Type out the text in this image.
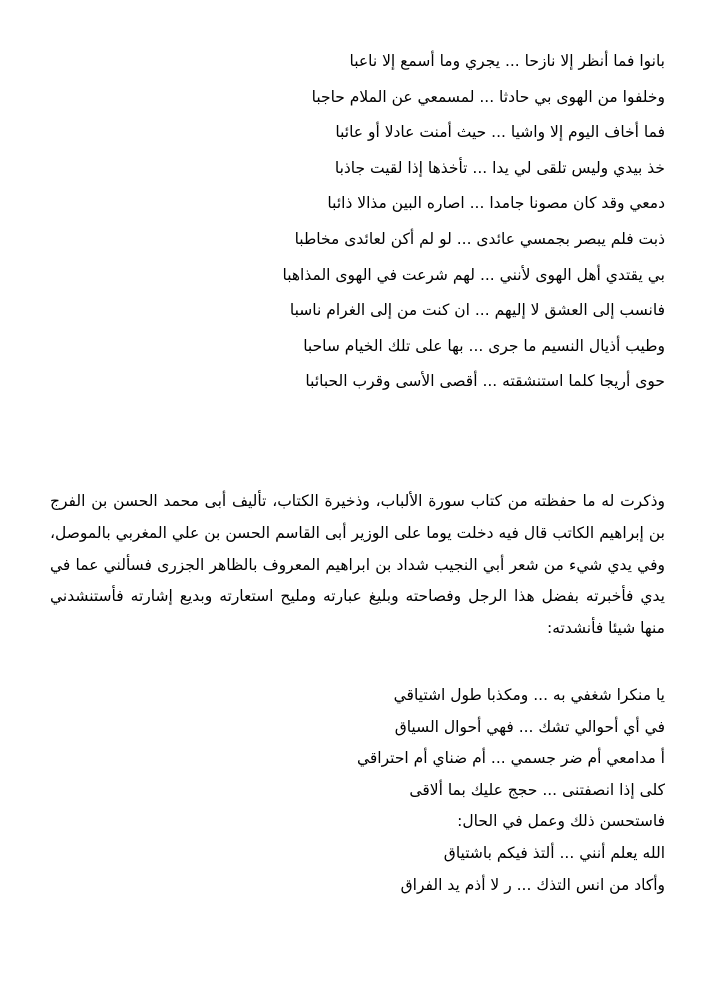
بانوا فما أنظر إلا نازحا ... يجري وما أسمع إلا ناعبا
وخلفوا من الهوى بي حادثا ... لمسمعي عن الملام حاجبا
فما أخاف اليوم إلا واشيا ... حيث أمنت عادلا أو عائبا
خذ بيدي وليس تلقى لي يدا ... تأخذها إذا لقيت جاذبا
دمعي وقد كان مصونا جامدا ... اصاره البين مذالا ذائبا
ذبت فلم يبصر بجمسي عائدى ... لو لم أكن لعائدى مخاطبا
بي يقتدي أهل الهوى لأنني ... لهم شرعت في الهوى المذاهبا
فانسب إلى العشق لا إليهم ... ان كنت من إلى الغرام ناسبا
وطيب أذيال النسيم ما جرى ... بها على تلك الخيام ساحبا
حوى أريجا كلما استنشقته ... أقصى الأسى وقرب الحبائبا
وذكرت له ما حفظته من كتاب سورة الألباب، وذخيرة الكتاب، تأليف أبى محمد الحسن بن الفرج بن إبراهيم الكاتب قال فيه دخلت يوما على الوزير أبى القاسم الحسن بن علي المغربي بالموصل، وفي يدي شيء من شعر أبي النجيب شداد بن ابراهيم المعروف بالظاهر الجزرى فسألني عما في يدي فأخبرته بفضل هذا الرجل وفصاحته وبليغ عبارته ومليح استعارته وبديع إشارته فأستنشدني منها شيئا فأنشدته:
يا منكرا شغفي به ... ومكذبا طول اشتياقي
في أي أحوالي تشك ... فهي أحوال السياق
أ مدامعي أم ضر جسمي ... أم ضناي أم احتراقي
كلى إذا انصفتنى ... حجج عليك بما ألاقى
فاستحسن ذلك وعمل في الحال:
الله يعلم أنني ... ألتذ فيكم باشتياق
وأكاد من انس التذك ... ر لا أذم يد الفراق
